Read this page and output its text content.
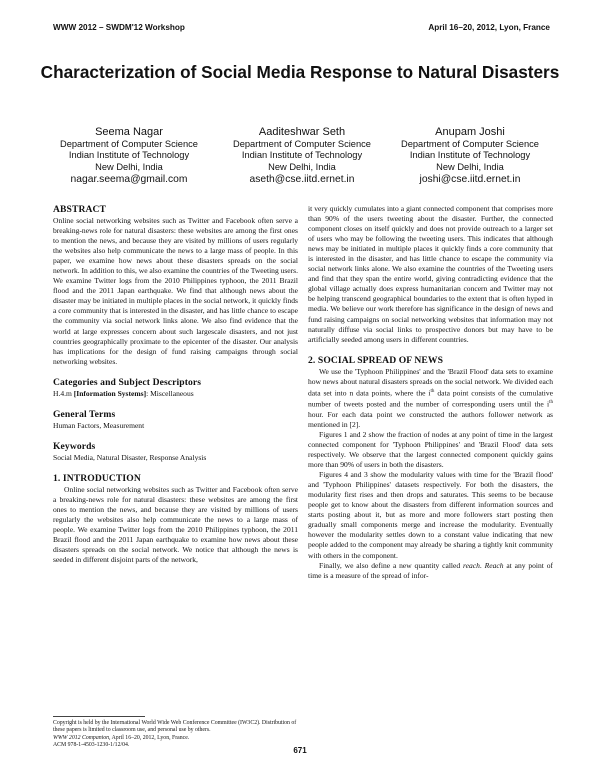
WWW 2012 – SWDM'12 Workshop	April 16–20, 2012, Lyon, France
Characterization of Social Media Response to Natural Disasters
Seema Nagar
Department of Computer Science
Indian Institute of Technology
New Delhi, India
nagar.seema@gmail.com
Aaditeshwar Seth
Department of Computer Science
Indian Institute of Technology
New Delhi, India
aseth@cse.iitd.ernet.in
Anupam Joshi
Department of Computer Science
Indian Institute of Technology
New Delhi, India
joshi@cse.iitd.ernet.in
ABSTRACT

Online social networking websites such as Twitter and Facebook often serve a breaking-news role for natural disasters: these websites are among the first ones to mention the news, and because they are visited by millions of users regularly the websites also help communicate the news to a large mass of people. In this paper, we examine how news about these disasters spreads on the social network. In addition to this, we also examine the countries of the Tweeting users. We examine Twitter logs from the 2010 Philippines typhoon, the 2011 Brazil flood and the 2011 Japan earthquake. We find that although news about the disaster may be initiated in multiple places in the social network, it quickly finds a core community that is interested in the disaster, and has little chance to escape the community via social network links alone. We also find evidence that the world at large expresses concern about such largescale disasters, and not just countries geographically proximate to the epicenter of the disaster. Our analysis has implications for the design of fund raising campaigns through social networking websites.

Categories and Subject Descriptors

H.4.m [Information Systems]: Miscellaneous

General Terms

Human Factors, Measurement

Keywords

Social Media, Natural Disaster, Response Analysis

1. INTRODUCTION

Online social networking websites such as Twitter and Facebook often serve a breaking-news role for natural disasters: these websites are among the first ones to mention the news, and because they are visited by millions of users regularly the websites also help communicate the news to a large mass of people. We examine Twitter logs from the 2010 Philippines typhoon, the 2011 Brazil flood and the 2011 Japan earthquake to examine how news about these disasters spreads on the social network. We notice that although the news is seeded in different disjoint parts of the network,

Copyright is held by the International World Wide Web Conference Committee (IW3C2). Distribution of these papers is limited to classroom use, and personal use by others.
WWW 2012 Companion, April 16–20, 2012, Lyon, France.
ACM 978-1-4503-1230-1/12/04.

it very quickly cumulates into a giant connected component that comprises more than 90% of the users tweeting about the disaster. Further, the connected component closes on itself quickly and does not provide outreach to a larger set of users who may be following the tweeting users. This indicates that although news may be initiated in multiple places it quickly finds a core community that is interested in the disaster, and has little chance to escape the community via social network links alone. We also examine the countries of the Tweeting users and find that they span the entire world, giving contradicting evidence that the global village actually does express humanitarian concern and Twitter may not be helping transcend geographical boundaries to the extent that is often hyped in media. We believe our work therefore has significance in the design of news and fund raising campaigns on social networking websites that information may not naturally diffuse via social links to prospective donors but may have to be artificially seeded among users in different countries.

2. SOCIAL SPREAD OF NEWS

We use the 'Typhoon Philippines' and the 'Brazil Flood' data sets to examine how news about natural disasters spreads on the social network. We divided each data set into n data points, where the $i^{th}$ data point consists of the cumulative number of tweets posted and the number of corresponding users until the $i^{th}$ hour. For each data point we constructed the authors follower network as mentioned in [2].

Figures 1 and 2 show the fraction of nodes at any point of time in the largest connected component for 'Typhoon Philippines' and 'Brazil Flood' data sets respectively. We observe that the largest connected component quickly gains more than 90% of users in both the disasters.

Figures 4 and 3 show the modularity values with time for the 'Brazil flood' and 'Typhoon Philippines' datasets respectively. For both the disasters, the modularity first rises and then drops and saturates. This seems to be because people get to know about the disasters from different information sources and starts posting about it, but as more and more followers start posting then gradually small components merge and increase the modularity. Eventually however the modularity settles down to a constant value indicating that new people added to the component may already be sharing a tightly knit community with others in the component.

Finally, we also define a new quantity called reach. Reach at any point of time is a measure of the spread of infor-

671
